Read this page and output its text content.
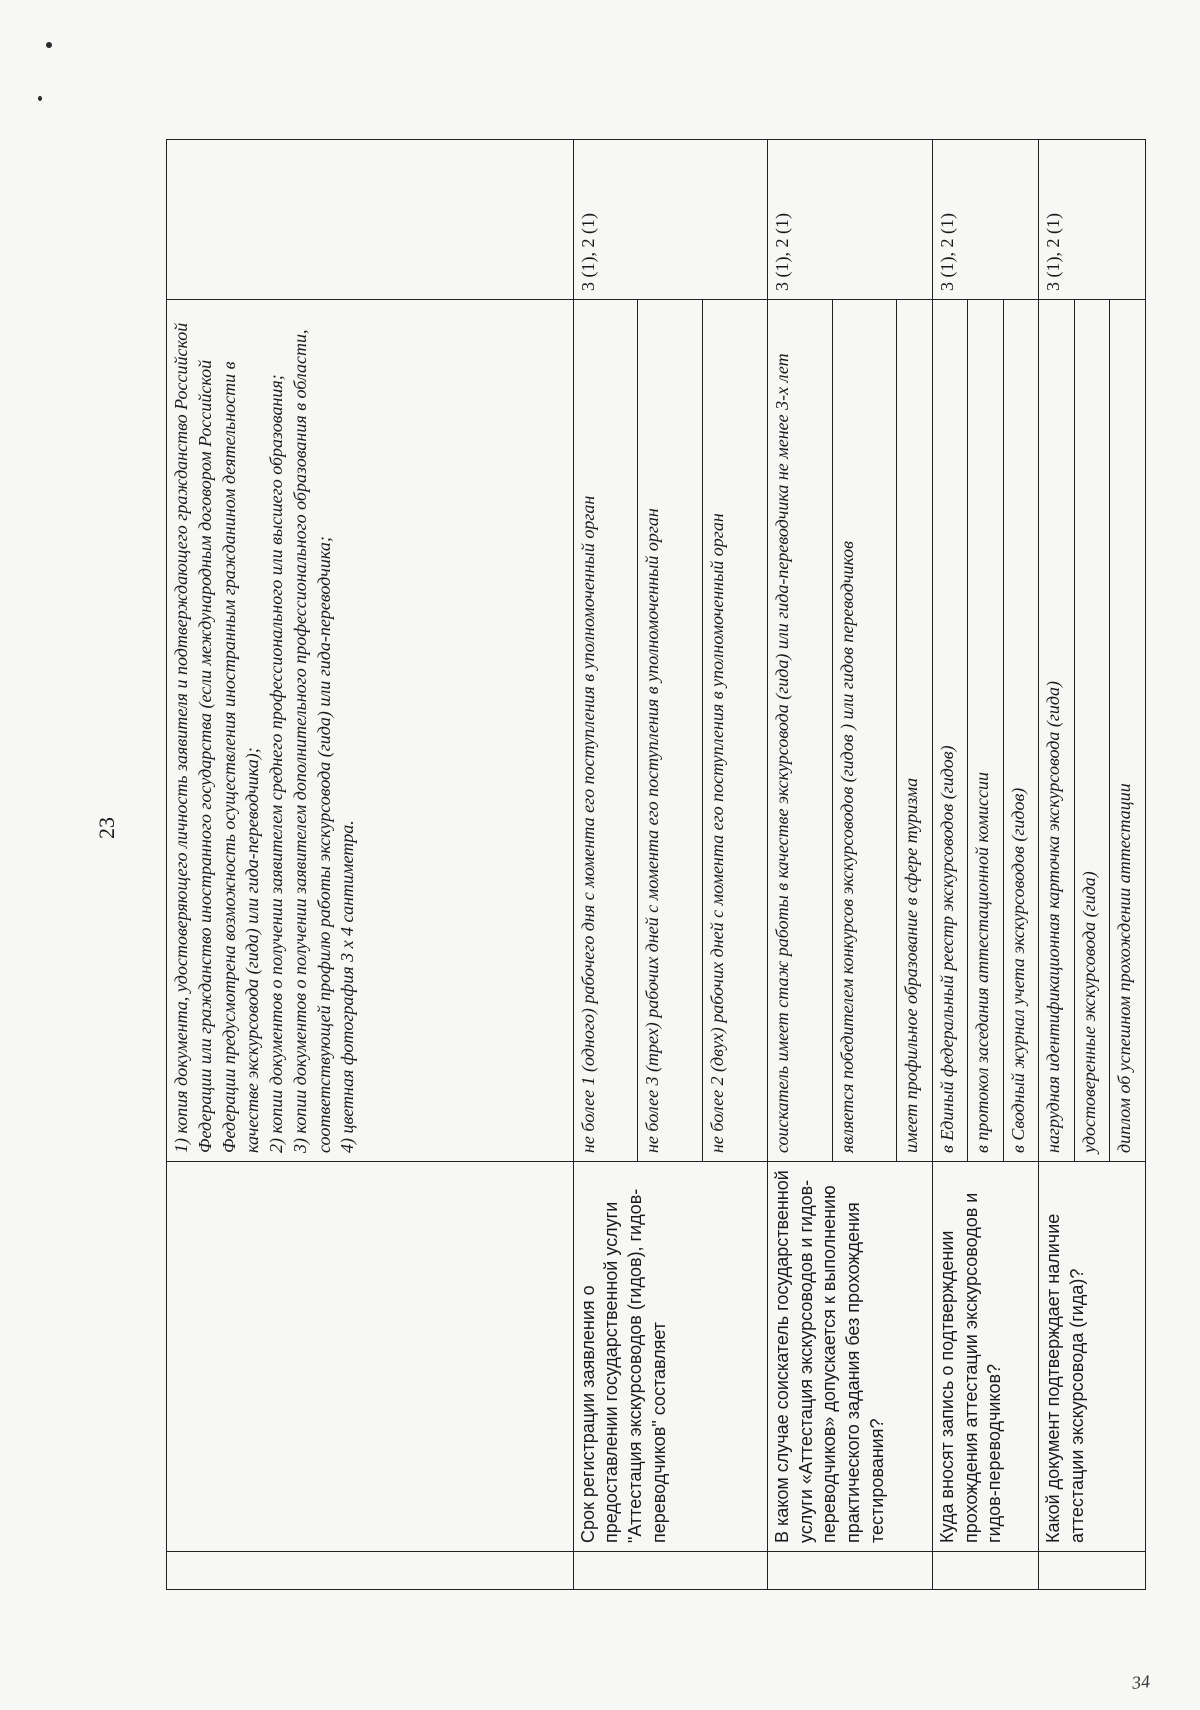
23
34

		1) копия документа, удостоверяющего личность заявителя и подтверждающего гражданство Российской Федерации или гражданство иностранного государства (если международным договором Российской Федерации предусмотрена возможность осуществления иностранным гражданином деятельности в качестве экскурсовода (гида) или гида-переводчика);
2) копии документов о получении заявителем среднего профессионального или высшего образования;
3) копии документов о получении заявителем дополнительного профессионального образования в области, соответствующей профилю работы экскурсовода (гида) или гида-переводчика;
4) цветная фотография 3 х 4 сантиметра.	

	Срок регистрации заявления о предоставлении государственной услуги "Аттестация экскурсоводов (гидов), гидов-переводчиков" составляет	не более 1 (одного) рабочего дня с момента его поступления в уполномоченный орган	3 (1), 2 (1)
		не более 3 (трех) рабочих дней с момента его поступления в уполномоченный орган	
		не более 2 (двух) рабочих дней с момента его поступления в уполномоченный орган	
	В каком случае соискатель государственной услуги «Аттестация экскурсоводов и гидов-переводчиков» допускается к выполнению практического задания без прохождения тестирования?	соискатель имеет стаж работы в качестве экскурсовода (гида) или гида-переводчика не менее 3-х лет	3 (1), 2 (1)
		является победителем конкурсов экскурсоводов (гидов ) или гидов переводчиков	
		имеет профильное образование в сфере туризма	
	Куда вносят запись о подтверждении прохождения аттестации экскурсоводов и гидов-переводчиков?	в Единый федеральный реестр экскурсоводов (гидов)	3 (1), 2 (1)
		в протокол заседания аттестационной комиссии	
		в Сводный журнал учета экскурсоводов (гидов)	
	Какой документ подтверждает наличие аттестации экскурсовода (гида)?	нагрудная идентификационная карточка экскурсовода (гида)	3 (1), 2 (1)
		удостоверенные экскурсовода (гида)	
		диплом об успешном прохождении аттестации	
